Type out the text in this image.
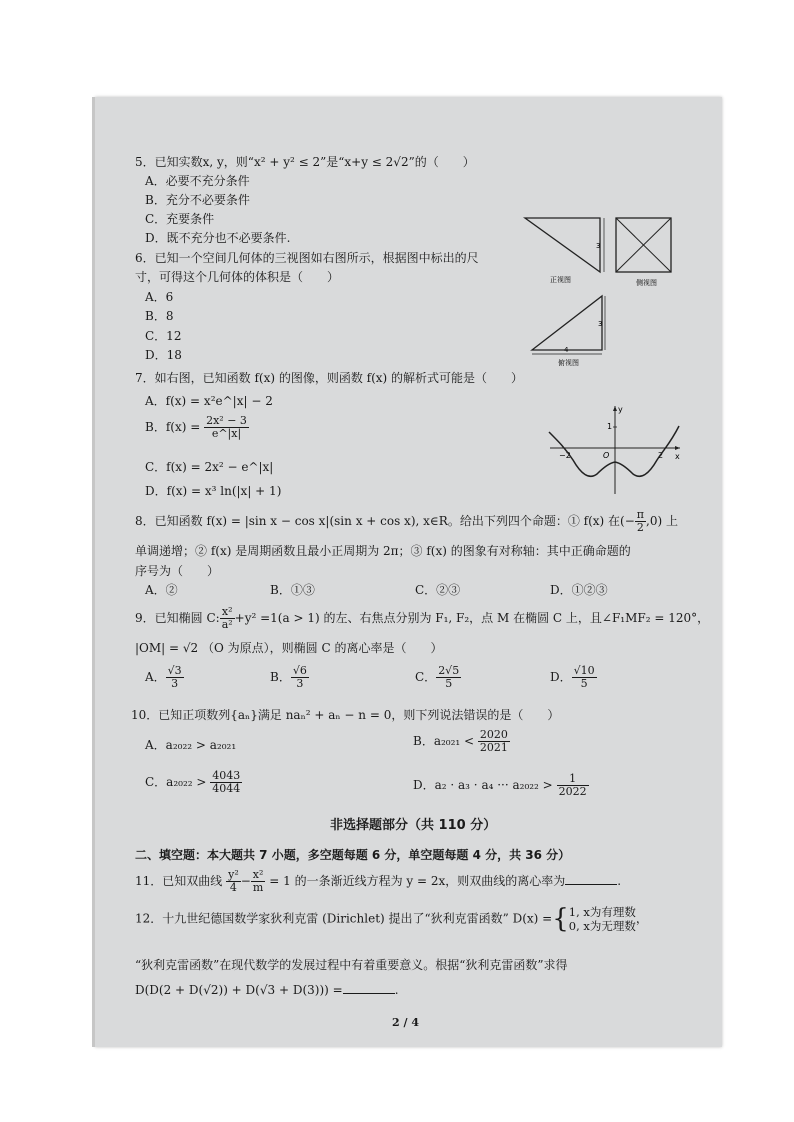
5．已知实数x, y，则“x² + y² ≤ 2”是“x+y ≤ 2√2”的（　　）
A．必要不充分条件
B．充分不必要条件
C．充要条件
D．既不充分也不必要条件.
6．已知一个空间几何体的三视图如右图所示，根据图中标出的尺
寸，可得这个几何体的体积是（　　）
A．6
B．8
C．12
D．18
3
正视图	侧视图
3
4
俯视图
7．如右图，已知函数 f(x) 的图像，则函数 f(x) 的解析式可能是（　　）
A．f(x) = x²e^|x| − 2
B．$f(x) = \frac{\text{2x² − 3}}{e\^{}|x|}$
C．f(x) = 2x² − e^|x|
D．f(x) = x³ ln(|x| + 1)
y
x
O
1
−2	2
8．已知函数 f(x) = |sin x − cos x|(sin x + cos x), x∈R。给出下列四个命题：① f(x) 在(− $\frac{\pi}{2} ,0$) 上
单调递增；② f(x) 是周期函数且最小正周期为 2π；③ f(x) 的图象有对称轴：其中正确命题的
序号为（　　）
A．②	B．①③	C．②③	D．①②③
9．已知椭圆 C: $\frac{\text{x²}}{\text{a²}} +y^2 =1(a > 1)$ 的左、右焦点分别为 F₁, F₂，点 M 在椭圆 C 上，且∠F₁MF₂ = 120°，
|OM| = √2 （O 为原点），则椭圆 C 的离心率是（　　）
A． $\frac{√3}{3}$	B． $\frac{√6}{3}$	C． $\frac{2√5}{5}$	D． $\frac{√10}{5}$
10．已知正项数列{aₙ}满足 naₙ² + aₙ − n = 0，则下列说法错误的是（　　）
A．a₂₀₂₂ > a₂₀₂₁	B．$a_{2021} < \frac{2020}{2021}$
C．$a_{2022} > \frac{4043}{4044}$	D．a₂ · a₃ · a₄ ··· $a_{2022} > \frac{1}{2022}$
非选择题部分（共 110 分）
二、填空题：本大题共 7 小题，多空题每题 6 分，单空题每题 4 分，共 36 分）
11．已知双曲线 $\frac{\text{y²}}{4} - \frac{\text{x²}}{m} = 1$ 的一条渐近线方程为 y = 2x，则双曲线的离心率为	.
12．十九世纪德国数学家狄利克雷 (Dirichlet) 提出了“狄利克雷函数” D(x) ={ 1, x为有理数
0, x为无理数
，
“狄利克雷函数”在现代数学的发展过程中有着重要意义。根据“狄利克雷函数”求得
D(D(2 + D(√2)) + D(√3 + D(3))) =	.
2 / 4
